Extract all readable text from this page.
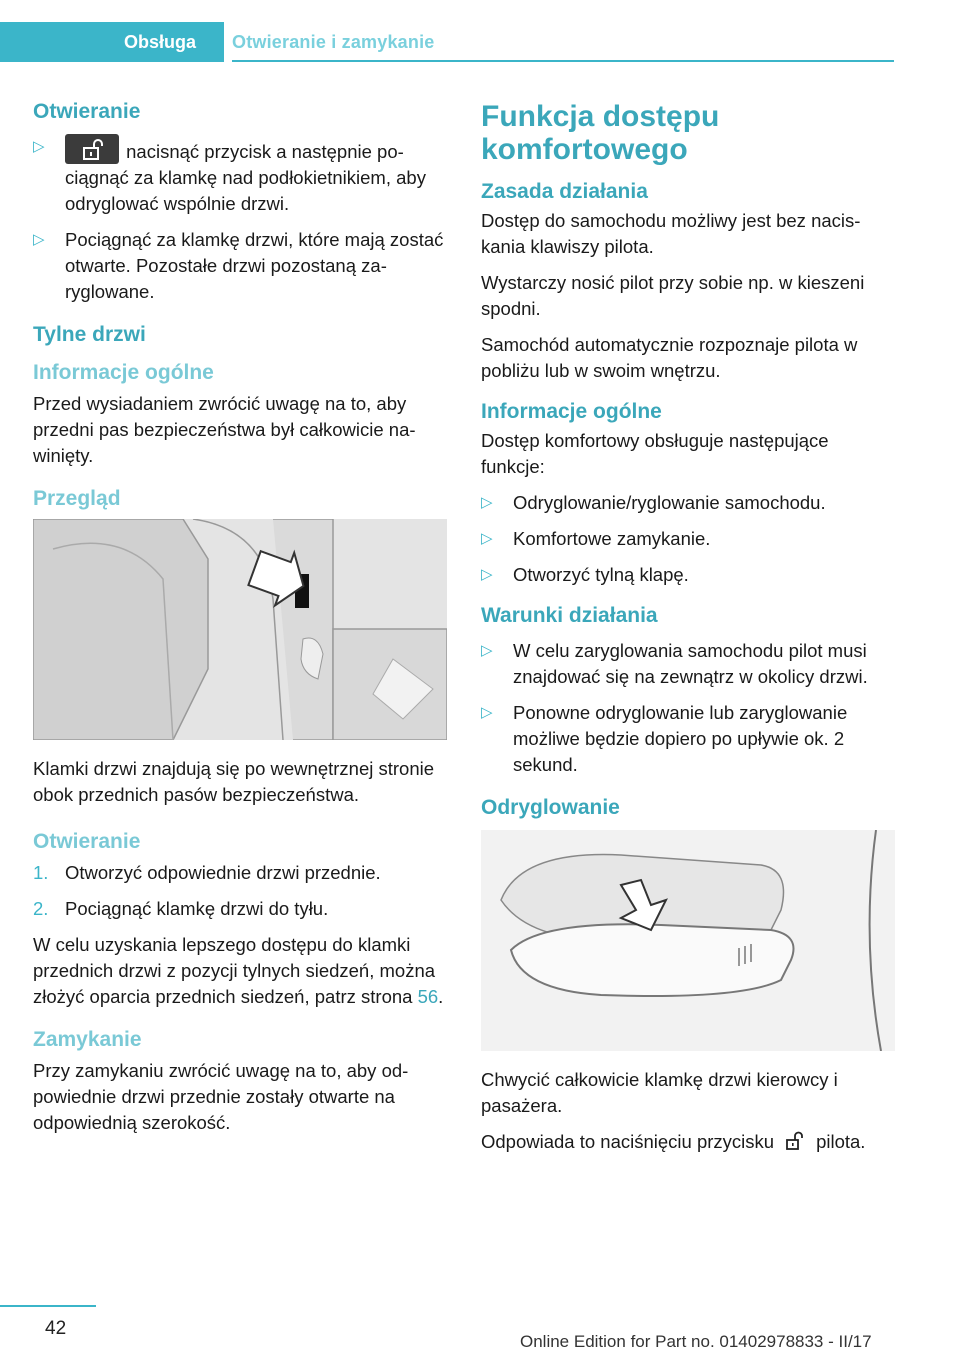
Obsługa	Otwieranie i zamykanie
Otwieranie
▷	nacisnąć przycisk a następnie pociągnąć za klamkę nad podłokietnikiem, aby odryglować wspólnie drzwi.
▷ Pociągnąć za klamkę drzwi, które mają zostać otwarte. Pozostałe drzwi pozostaną zaryglowane.
Tylne drzwi
Informacje ogólne

Przed wysiadaniem zwrócić uwagę na to, aby przedni pas bezpieczeństwa był całkowicie nawinięty.

Przegląd

Klamki drzwi znajdują się po wewnętrznej stronie obok przednich pasów bezpieczeństwa.

Otwieranie
1. Otworzyć odpowiednie drzwi przednie.
2. Pociągnąć klamkę drzwi do tyłu.

W celu uzyskania lepszego dostępu do klamki przednich drzwi z pozycji tylnych siedzeń, można złożyć oparcia przednich siedzeń, patrz strona 56.

Zamykanie

Przy zamykaniu zwrócić uwagę na to, aby odpowiednie drzwi przednie zostały otwarte na odpowiednią szerokość.

Funkcja dostępu komfortowego
Zasada działania

Dostęp do samochodu możliwy jest bez naciskania klawiszy pilota.

Wystarczy nosić pilot przy sobie np. w kieszeni spodni.

Samochód automatycznie rozpoznaje pilota w pobliżu lub w swoim wnętrzu.

Informacje ogólne

Dostęp komfortowy obsługuje następujące funkcje:

▷ Odryglowanie/ryglowanie samochodu.
▷ Komfortowe zamykanie.
▷ Otworzyć tylną klapę.
Warunki działania
▷ W celu zaryglowania samochodu pilot musi znajdować się na zewnątrz w okolicy drzwi.
▷ Ponowne odryglowanie lub zaryglowanie możliwe będzie dopiero po upływie ok. 2 sekund.
Odryglowanie

Chwycić całkowicie klamkę drzwi kierowcy i pasażera.

Odpowiada to naciśnięciu przycisku pilota.

42
Online Edition for Part no. 01402978833 - II/17
